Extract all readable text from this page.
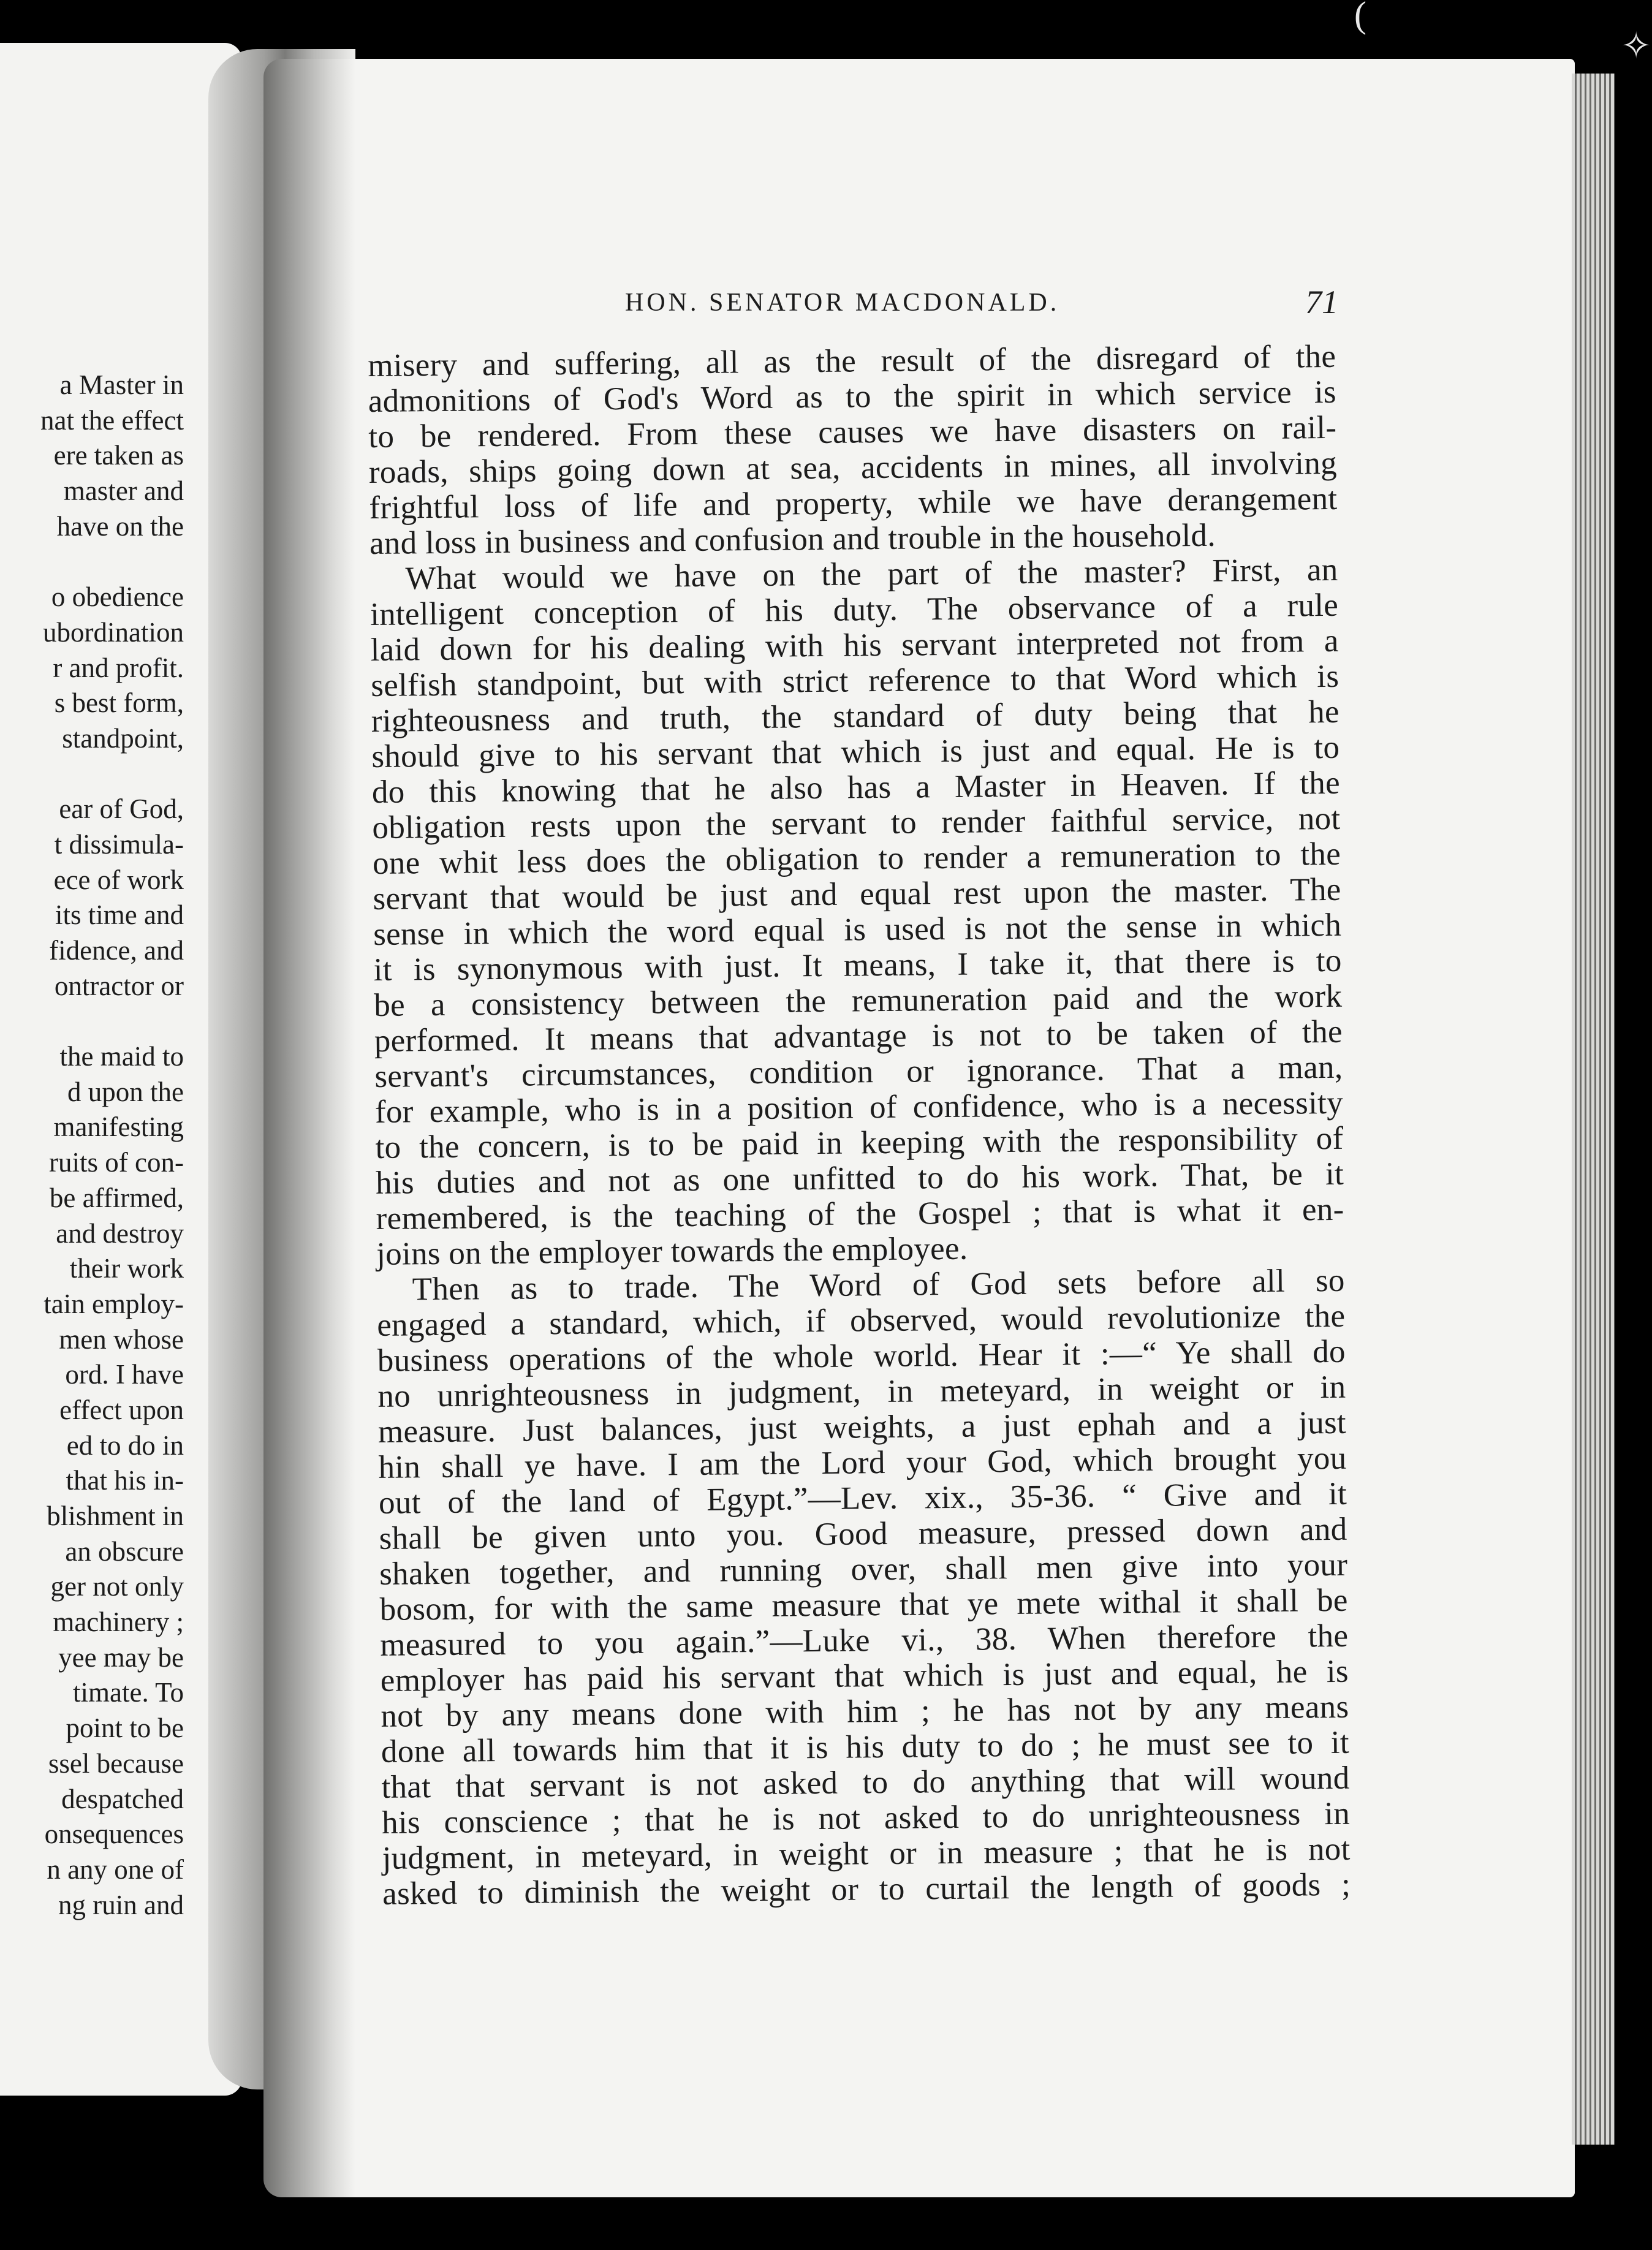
a Master in
nat the effect
ere taken as
master and
have on the
o obedience
ubordination
r and profit.
s best form,
standpoint,
ear of God,
t dissimula-
ece of work
its time and
fidence, and
ontractor or
the maid to
d upon the
manifesting
ruits of con-
be affirmed,
and destroy
their work
tain employ-
men whose
ord. I have
effect upon
ed to do in
that his in-
blishment in
an obscure
ger not only
machinery ;
yee may be
timate. To
point to be
ssel because
despatched
onsequences
n any one of
ng ruin and
HON. SENATOR MACDONALD.	71
misery and suffering, all as the result of the disregard of the
admonitions of God's Word as to the spirit in which service is
to be rendered. From these causes we have disasters on rail-
roads, ships going down at sea, accidents in mines, all involving
frightful loss of life and property, while we have derangement
and loss in business and confusion and trouble in the household.
What would we have on the part of the master? First, an
intelligent conception of his duty. The observance of a rule
laid down for his dealing with his servant interpreted not from a
selfish standpoint, but with strict reference to that Word which is
righteousness and truth, the standard of duty being that he
should give to his servant that which is just and equal. He is to
do this knowing that he also has a Master in Heaven. If the
obligation rests upon the servant to render faithful service, not
one whit less does the obligation to render a remuneration to the
servant that would be just and equal rest upon the master. The
sense in which the word equal is used is not the sense in which
it is synonymous with just. It means, I take it, that there is to
be a consistency between the remuneration paid and the work
performed. It means that advantage is not to be taken of the
servant's circumstances, condition or ignorance. That a man,
for example, who is in a position of confidence, who is a necessity
to the concern, is to be paid in keeping with the responsibility of
his duties and not as one unfitted to do his work. That, be it
remembered, is the teaching of the Gospel ; that is what it en-
joins on the employer towards the employee.
Then as to trade. The Word of God sets before all so
engaged a standard, which, if observed, would revolutionize the
business operations of the whole world. Hear it :—“ Ye shall do
no unrighteousness in judgment, in meteyard, in weight or in
measure. Just balances, just weights, a just ephah and a just
hin shall ye have. I am the Lord your God, which brought you
out of the land of Egypt.”—Lev. xix., 35-36. “ Give and it
shall be given unto you. Good measure, pressed down and
shaken together, and running over, shall men give into your
bosom, for with the same measure that ye mete withal it shall be
measured to you again.”—Luke vi., 38. When therefore the
employer has paid his servant that which is just and equal, he is
not by any means done with him ; he has not by any means
done all towards him that it is his duty to do ; he must see to it
that that servant is not asked to do anything that will wound
his conscience ; that he is not asked to do unrighteousness in
judgment, in meteyard, in weight or in measure ; that he is not
asked to diminish the weight or to curtail the length of goods ;
(
✧
